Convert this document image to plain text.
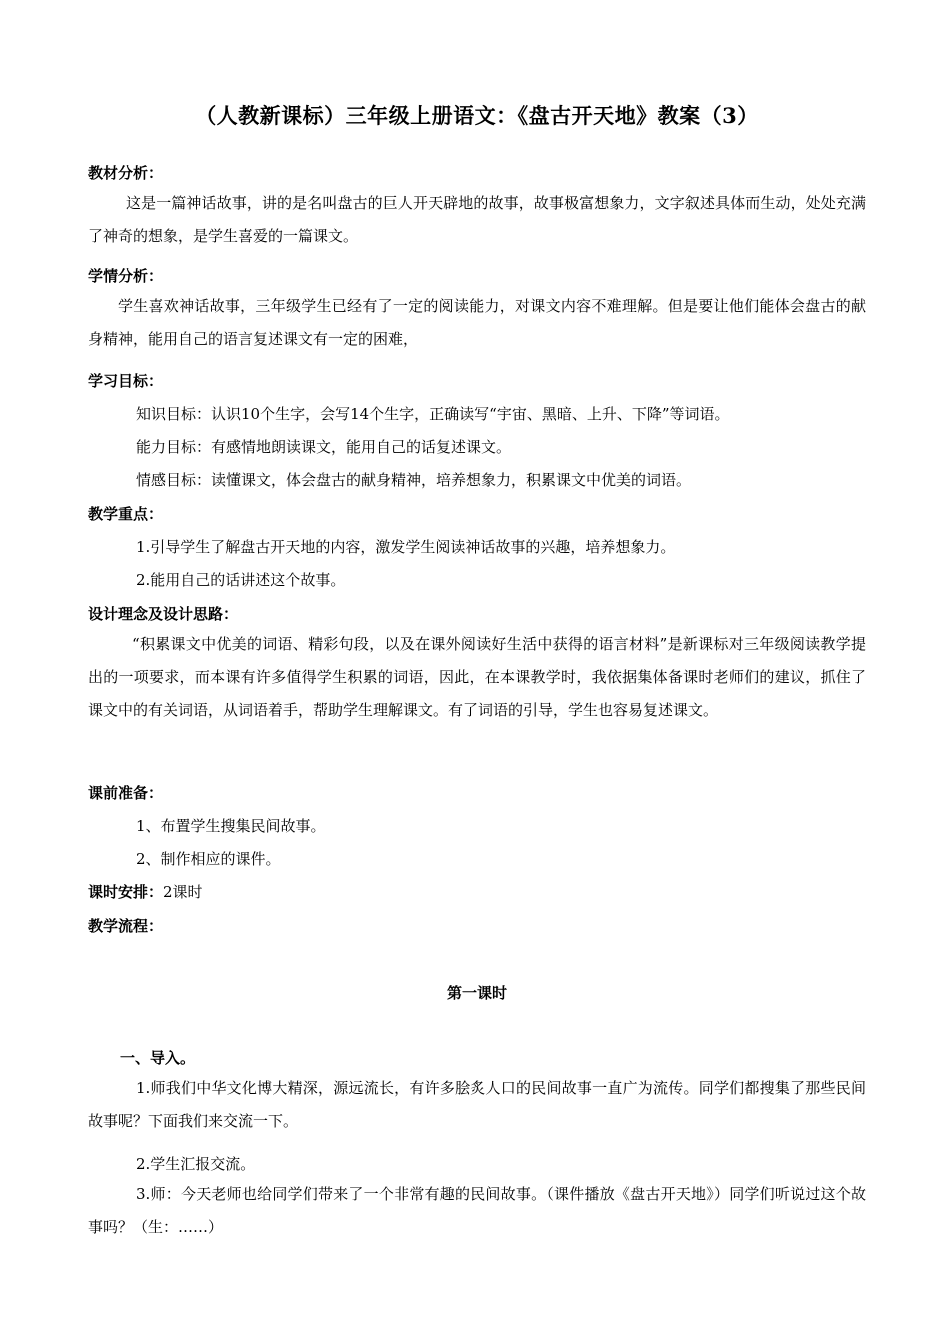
（人教新课标）三年级上册语文：《盘古开天地》教案（3）
教材分析：
这是一篇神话故事，讲的是名叫盘古的巨人开天辟地的故事，故事极富想象力，文字叙述具体而生动，处处充满了神奇的想象，是学生喜爱的一篇课文。
学情分析：
学生喜欢神话故事，三年级学生已经有了一定的阅读能力，对课文内容不难理解。但是要让他们能体会盘古的献身精神，能用自己的语言复述课文有一定的困难，
学习目标：
知识目标：认识10个生字，会写14个生字，正确读写“宇宙、黑暗、上升、下降”等词语。
能力目标：有感情地朗读课文，能用自己的话复述课文。
情感目标：读懂课文，体会盘古的献身精神，培养想象力，积累课文中优美的词语。
教学重点：
1.引导学生了解盘古开天地的内容，激发学生阅读神话故事的兴趣，培养想象力。
2.能用自己的话讲述这个故事。
设计理念及设计思路：
“积累课文中优美的词语、精彩句段，以及在课外阅读好生活中获得的语言材料”是新课标对三年级阅读教学提出的一项要求，而本课有许多值得学生积累的词语，因此，在本课教学时，我依据集体备课时老师们的建议，抓住了课文中的有关词语，从词语着手，帮助学生理解课文。有了词语的引导，学生也容易复述课文。
课前准备：
1、布置学生搜集民间故事。
2、制作相应的课件。
课时安排：2课时
教学流程：
第一课时
一、导入。
1.师我们中华文化博大精深，源远流长，有许多脍炙人口的民间故事一直广为流传。同学们都搜集了那些民间故事呢？下面我们来交流一下。
2.学生汇报交流。
3.师：今天老师也给同学们带来了一个非常有趣的民间故事。（课件播放《盘古开天地》）同学们听说过这个故事吗？（生：……）
